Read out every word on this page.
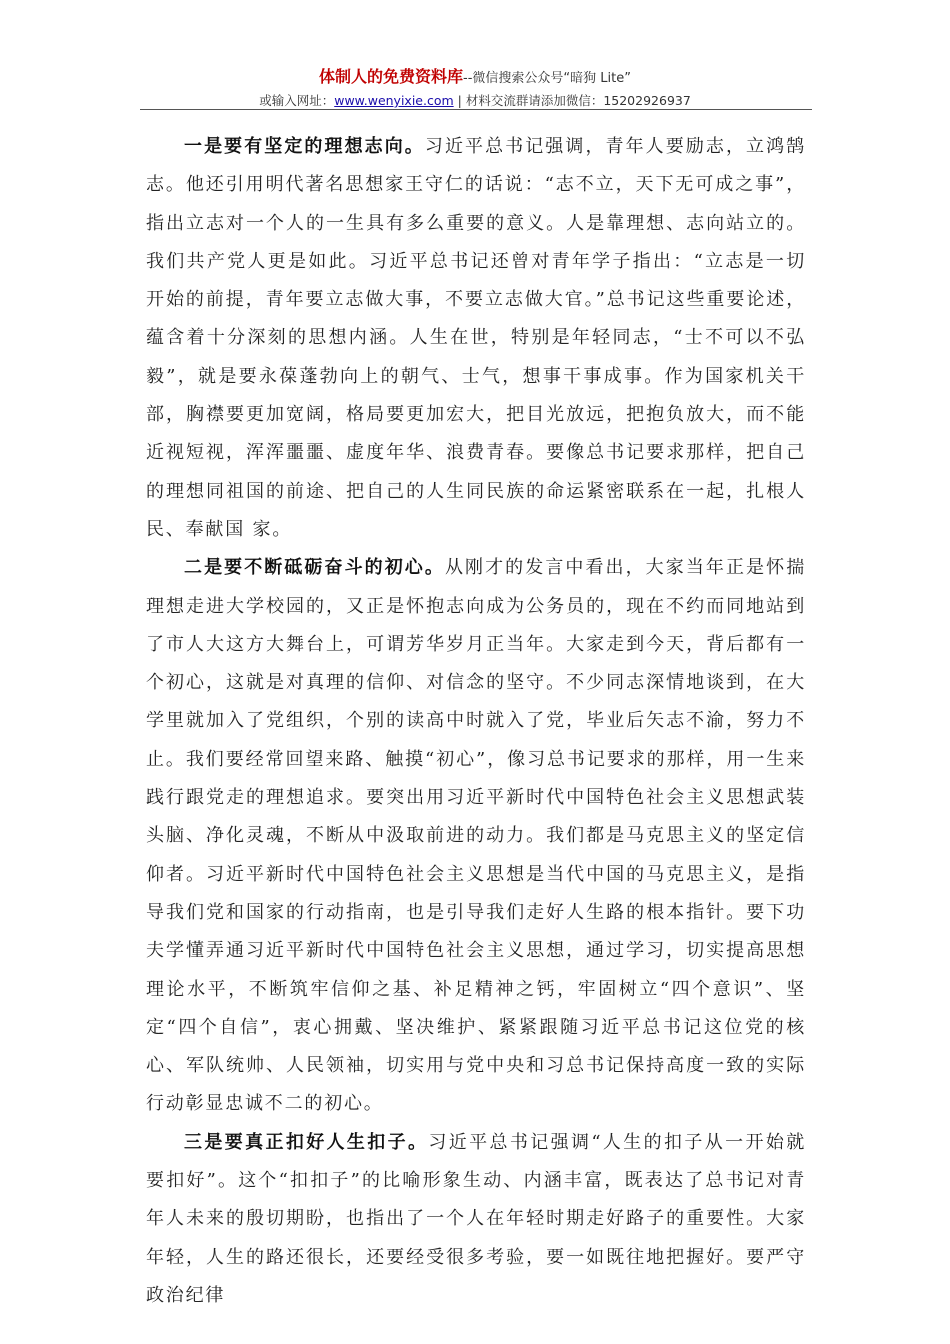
体制人的免费资料库--微信搜索公众号“暗狗 Lite”
或输入网址：www.wenyixie.com | 材料交流群请添加微信：15202926937

一是要有坚定的理想志向。习近平总书记强调，青年人要励志，立鸿鹄志。他还引用明代著名思想家王守仁的话说：“志不立，天下无可成之事”，指出立志对一个人的一生具有多么重要的意义。人是靠理想、志向站立的。我们共产党人更是如此。习近平总书记还曾对青年学子指出：“立志是一切开始的前提，青年要立志做大事，不要立志做大官。”总书记这些重要论述，蕴含着十分深刻的思想内涵。人生在世，特别是年轻同志，“士不可以不弘毅”，就是要永葆蓬勃向上的朝气、士气，想事干事成事。作为国家机关干部，胸襟要更加宽阔，格局要更加宏大，把目光放远，把抱负放大，而不能近视短视，浑浑噩噩、虚度年华、浪费青春。要像总书记要求那样，把自己的理想同祖国的前途、把自己的人生同民族的命运紧密联系在一起，扎根人民、奉献国 家。

二是要不断砥砺奋斗的初心。从刚才的发言中看出，大家当年正是怀揣理想走进大学校园的，又正是怀抱志向成为公务员的，现在不约而同地站到了市人大这方大舞台上，可谓芳华岁月正当年。大家走到今天，背后都有一个初心，这就是对真理的信仰、对信念的坚守。不少同志深情地谈到，在大学里就加入了党组织，个别的读高中时就入了党，毕业后矢志不渝，努力不止。我们要经常回望来路、触摸“初心”，像习总书记要求的那样，用一生来践行跟党走的理想追求。要突出用习近平新时代中国特色社会主义思想武装头脑、净化灵魂，不断从中汲取前进的动力。我们都是马克思主义的坚定信仰者。习近平新时代中国特色社会主义思想是当代中国的马克思主义，是指导我们党和国家的行动指南，也是引导我们走好人生路的根本指针。要下功夫学懂弄通习近平新时代中国特色社会主义思想，通过学习，切实提高思想理论水平，不断筑牢信仰之基、补足精神之钙，牢固树立“四个意识”、坚定“四个自信”，衷心拥戴、坚决维护、紧紧跟随习近平总书记这位党的核心、军队统帅、人民领袖，切实用与党中央和习总书记保持高度一致的实际行动彰显忠诚不二的初心。

三是要真正扣好人生扣子。习近平总书记强调“人生的扣子从一开始就要扣好”。这个“扣扣子”的比喻形象生动、内涵丰富，既表达了总书记对青年人未来的殷切期盼，也指出了一个人在年轻时期走好路子的重要性。大家年轻，人生的路还很长，还要经受很多考验，要一如既往地把握好。要严守政治纪律
